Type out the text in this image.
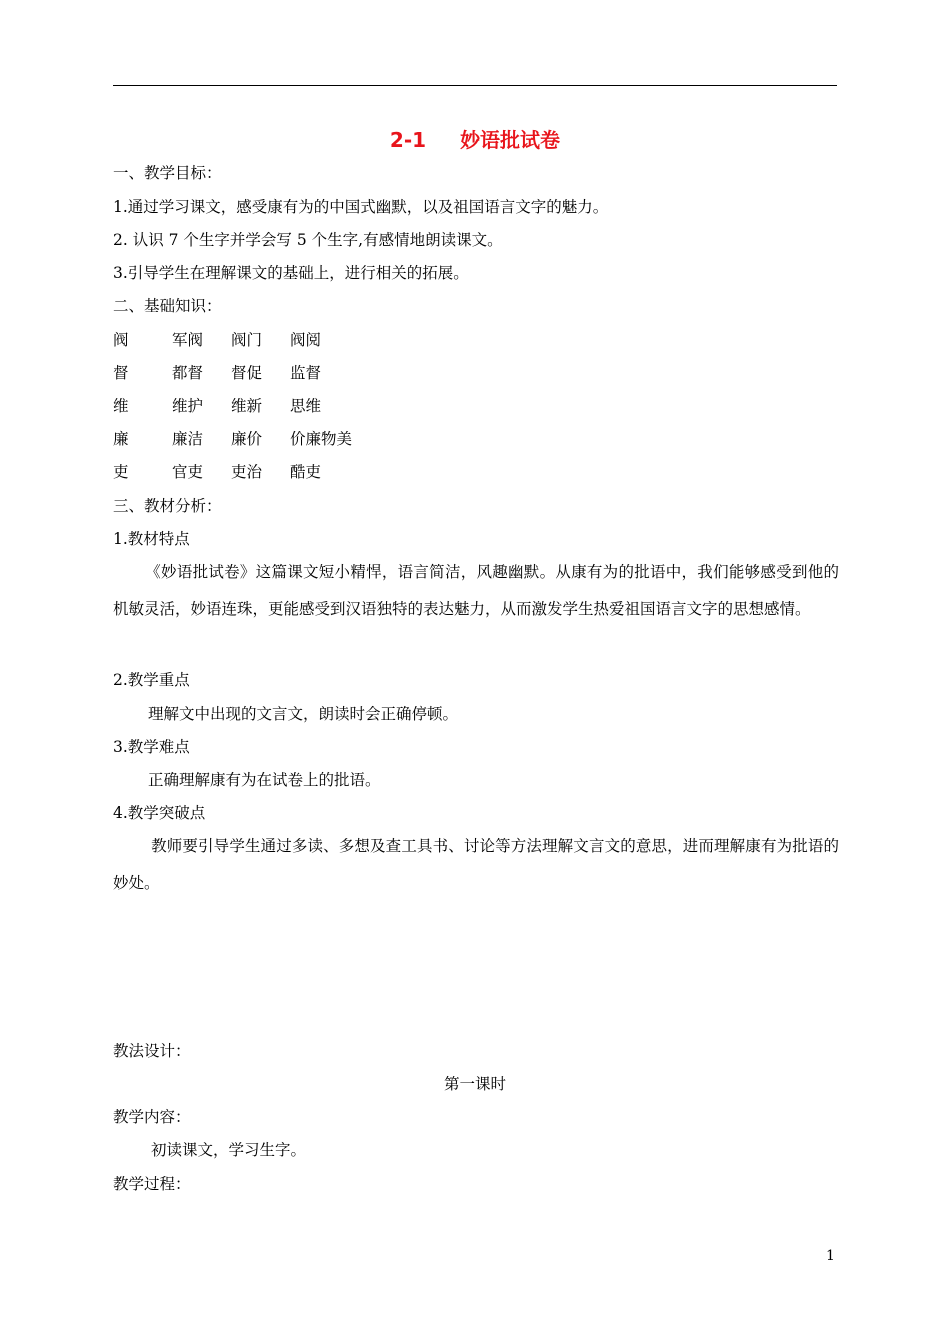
2-1 妙语批试卷
一、教学目标：
1.通过学习课文，感受康有为的中国式幽默，以及祖国语言文字的魅力。
2. 认识 7 个生字并学会写 5 个生字,有感情地朗读课文。
3.引导学生在理解课文的基础上，进行相关的拓展。
二、基础知识：
阀	军阀 阀门 阀阅
督	都督 督促 监督
维	维护 维新 思维
廉	廉洁 廉价 价廉物美
吏	官吏 吏治 酷吏
三、教材分析：
1.教材特点
《妙语批试卷》这篇课文短小精悍，语言简洁，风趣幽默。从康有为的批语中，我们能够感受到他的机敏灵活，妙语连珠，更能感受到汉语独特的表达魅力，从而激发学生热爱祖国语言文字的思想感情。
2.教学重点
理解文中出现的文言文，朗读时会正确停顿。
3.教学难点
正确理解康有为在试卷上的批语。
4.教学突破点
教师要引导学生通过多读、多想及查工具书、讨论等方法理解文言文的意思，进而理解康有为批语的妙处。
教法设计：
第一课时
教学内容：
初读课文，学习生字。
教学过程：
1
